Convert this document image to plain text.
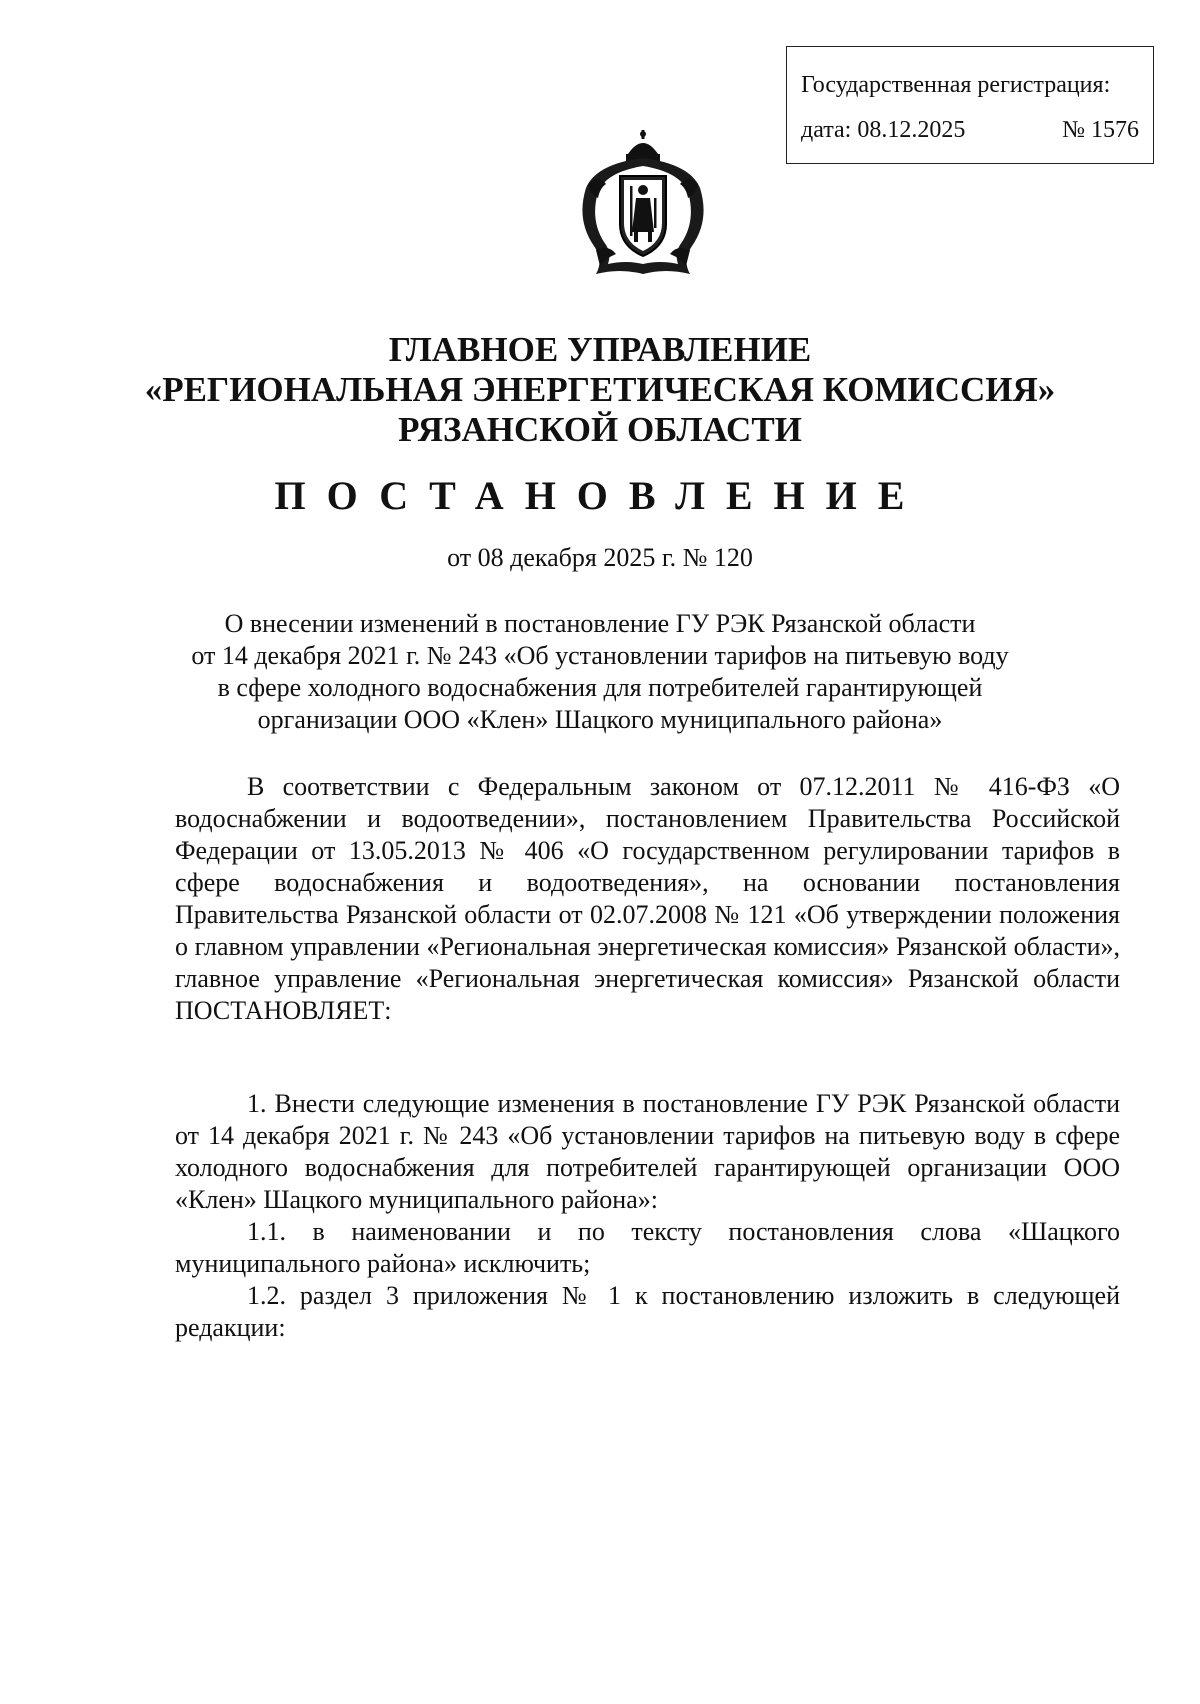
Государственная регистрация:
дата: 08.12.2025	№ 1576
ГЛАВНОЕ УПРАВЛЕНИЕ
«РЕГИОНАЛЬНАЯ ЭНЕРГЕТИЧЕСКАЯ КОМИССИЯ»
РЯЗАНСКОЙ ОБЛАСТИ
ПОСТАНОВЛЕНИЕ
от 08 декабря 2025 г. № 120
О внесении изменений в постановление ГУ РЭК Рязанской области
от 14 декабря 2021 г. № 243 «Об установлении тарифов на питьевую воду
в сфере холодного водоснабжения для потребителей гарантирующей
организации ООО «Клен» Шацкого муниципального района»

В соответствии с Федеральным законом от 07.12.2011 № 416-ФЗ «О водоснабжении и водоотведении», постановлением Правительства Российской Федерации от 13.05.2013 № 406 «О государственном регулировании тарифов в сфере водоснабжения и водоотведения», на основании постановления Правительства Рязанской области от 02.07.2008 № 121 «Об утверждении положения о главном управлении «Региональная энергетическая комиссия» Рязанской области», главное управление «Региональная энергетическая комиссия» Рязанской области ПОСТАНОВЛЯЕТ:

1. Внести следующие изменения в постановление ГУ РЭК Рязанской области от 14 декабря 2021 г. № 243 «Об установлении тарифов на питьевую воду в сфере холодного водоснабжения для потребителей гарантирующей организации ООО «Клен» Шацкого муниципального района»:

1.1. в наименовании и по тексту постановления слова «Шацкого муниципального района» исключить;

1.2. раздел 3 приложения № 1 к постановлению изложить в следующей редакции:
